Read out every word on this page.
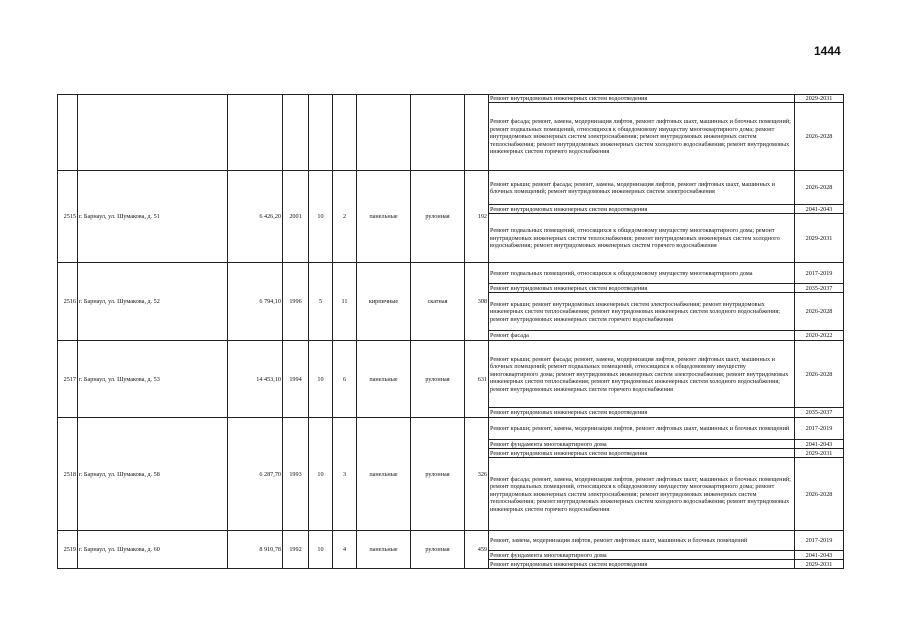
1444
									Ремонт внутридомовых инженерных систем водоотведения	2029-2031
									Ремонт фасада; ремонт, замена, модернизация лифтов, ремонт лифтовых шахт, машинных и блочных помещений; ремонт подвальных помещений, относящихся к общедомовому имуществу многоквартирного дома; ремонт внутридомовых инженерных систем электроснабжения; ремонт внутридомовых инженерных систем теплоснабжения; ремонт внутридомовых инженерных систем холодного водоснабжения; ремонт внутридомовых инженерных систем горячего водоснабжения	2026-2028
2515	г. Барнаул, ул. Шумакова, д. 51	6 426,20	2001	10	2	панельные	рулонная	192	Ремонт крыши; ремонт фасада; ремонт, замена, модернизация лифтов, ремонт лифтовых шахт, машинных и блочных помещений; ремонт внутридомовых инженерных систем электроснабжения	2026-2028
									Ремонт внутридомовых инженерных систем водоотведения	2041-2043
									Ремонт подвальных помещений, относящихся к общедомовому имуществу многоквартирного дома; ремонт внутридомовых инженерных систем теплоснабжения; ремонт внутридомовых инженерных систем холодного водоснабжения; ремонт внутридомовых инженерных систем горячего водоснабжения	2029-2031
2516	г. Барнаул, ул. Шумакова, д. 52	6 794,10	1996	5	11	кирпичные	скатная	308	Ремонт подвальных помещений, относящихся к общедомовому имуществу многоквартирного дома	2017-2019
									Ремонт внутридомовых инженерных систем водоотведения	2035-2037
									Ремонт крыши; ремонт внутридомовых инженерных систем электроснабжения; ремонт внутридомовых инженерных систем теплоснабжения; ремонт внутридомовых инженерных систем холодного водоснабжения; ремонт внутридомовых инженерных систем горячего водоснабжения	2026-2028
									Ремонт фасада	2020-2022
2517	г. Барнаул, ул. Шумакова, д. 53	14 453,10	1994	10	6	панельные	рулонная	631	Ремонт крыши; ремонт фасада; ремонт, замена, модернизация лифтов, ремонт лифтовых шахт, машинных и блочных помещений; ремонт подвальных помещений, относящихся к общедомовому имуществу многоквартирного дома; ремонт внутридомовых инженерных систем электроснабжения; ремонт внутридомовых инженерных систем теплоснабжения; ремонт внутридомовых инженерных систем холодного водоснабжения; ремонт внутридомовых инженерных систем горячего водоснабжения	2026-2028
									Ремонт внутридомовых инженерных систем водоотведения	2035-2037
2518	г. Барнаул, ул. Шумакова, д. 58	6 287,70	1993	10	3	панельные	рулонная	326	Ремонт крыши; ремонт, замена, модернизация лифтов, ремонт лифтовых шахт, машинных и блочных помещений	2017-2019
									Ремонт фундамента многоквартирного дома	2041-2043
									Ремонт внутридомовых инженерных систем водоотведения	2029-2031
									Ремонт фасада; ремонт, замена, модернизация лифтов, ремонт лифтовых шахт, машинных и блочных помещений; ремонт подвальных помещений, относящихся к общедомовому имуществу многоквартирного дома; ремонт внутридомовых инженерных систем электроснабжения; ремонт внутридомовых инженерных систем теплоснабжения; ремонт внутридомовых инженерных систем холодного водоснабжения; ремонт внутридомовых инженерных систем горячего водоснабжения	2026-2028
2519	г. Барнаул, ул. Шумакова, д. 60	8 910,78	1992	10	4	панельные	рулонная	459	Ремонт, замена, модернизация лифтов, ремонт лифтовых шахт, машинных и блочных помещений	2017-2019
									Ремонт фундамента многоквартирного дома	2041-2043
									Ремонт внутридомовых инженерных систем водоотведения	2029-2031
